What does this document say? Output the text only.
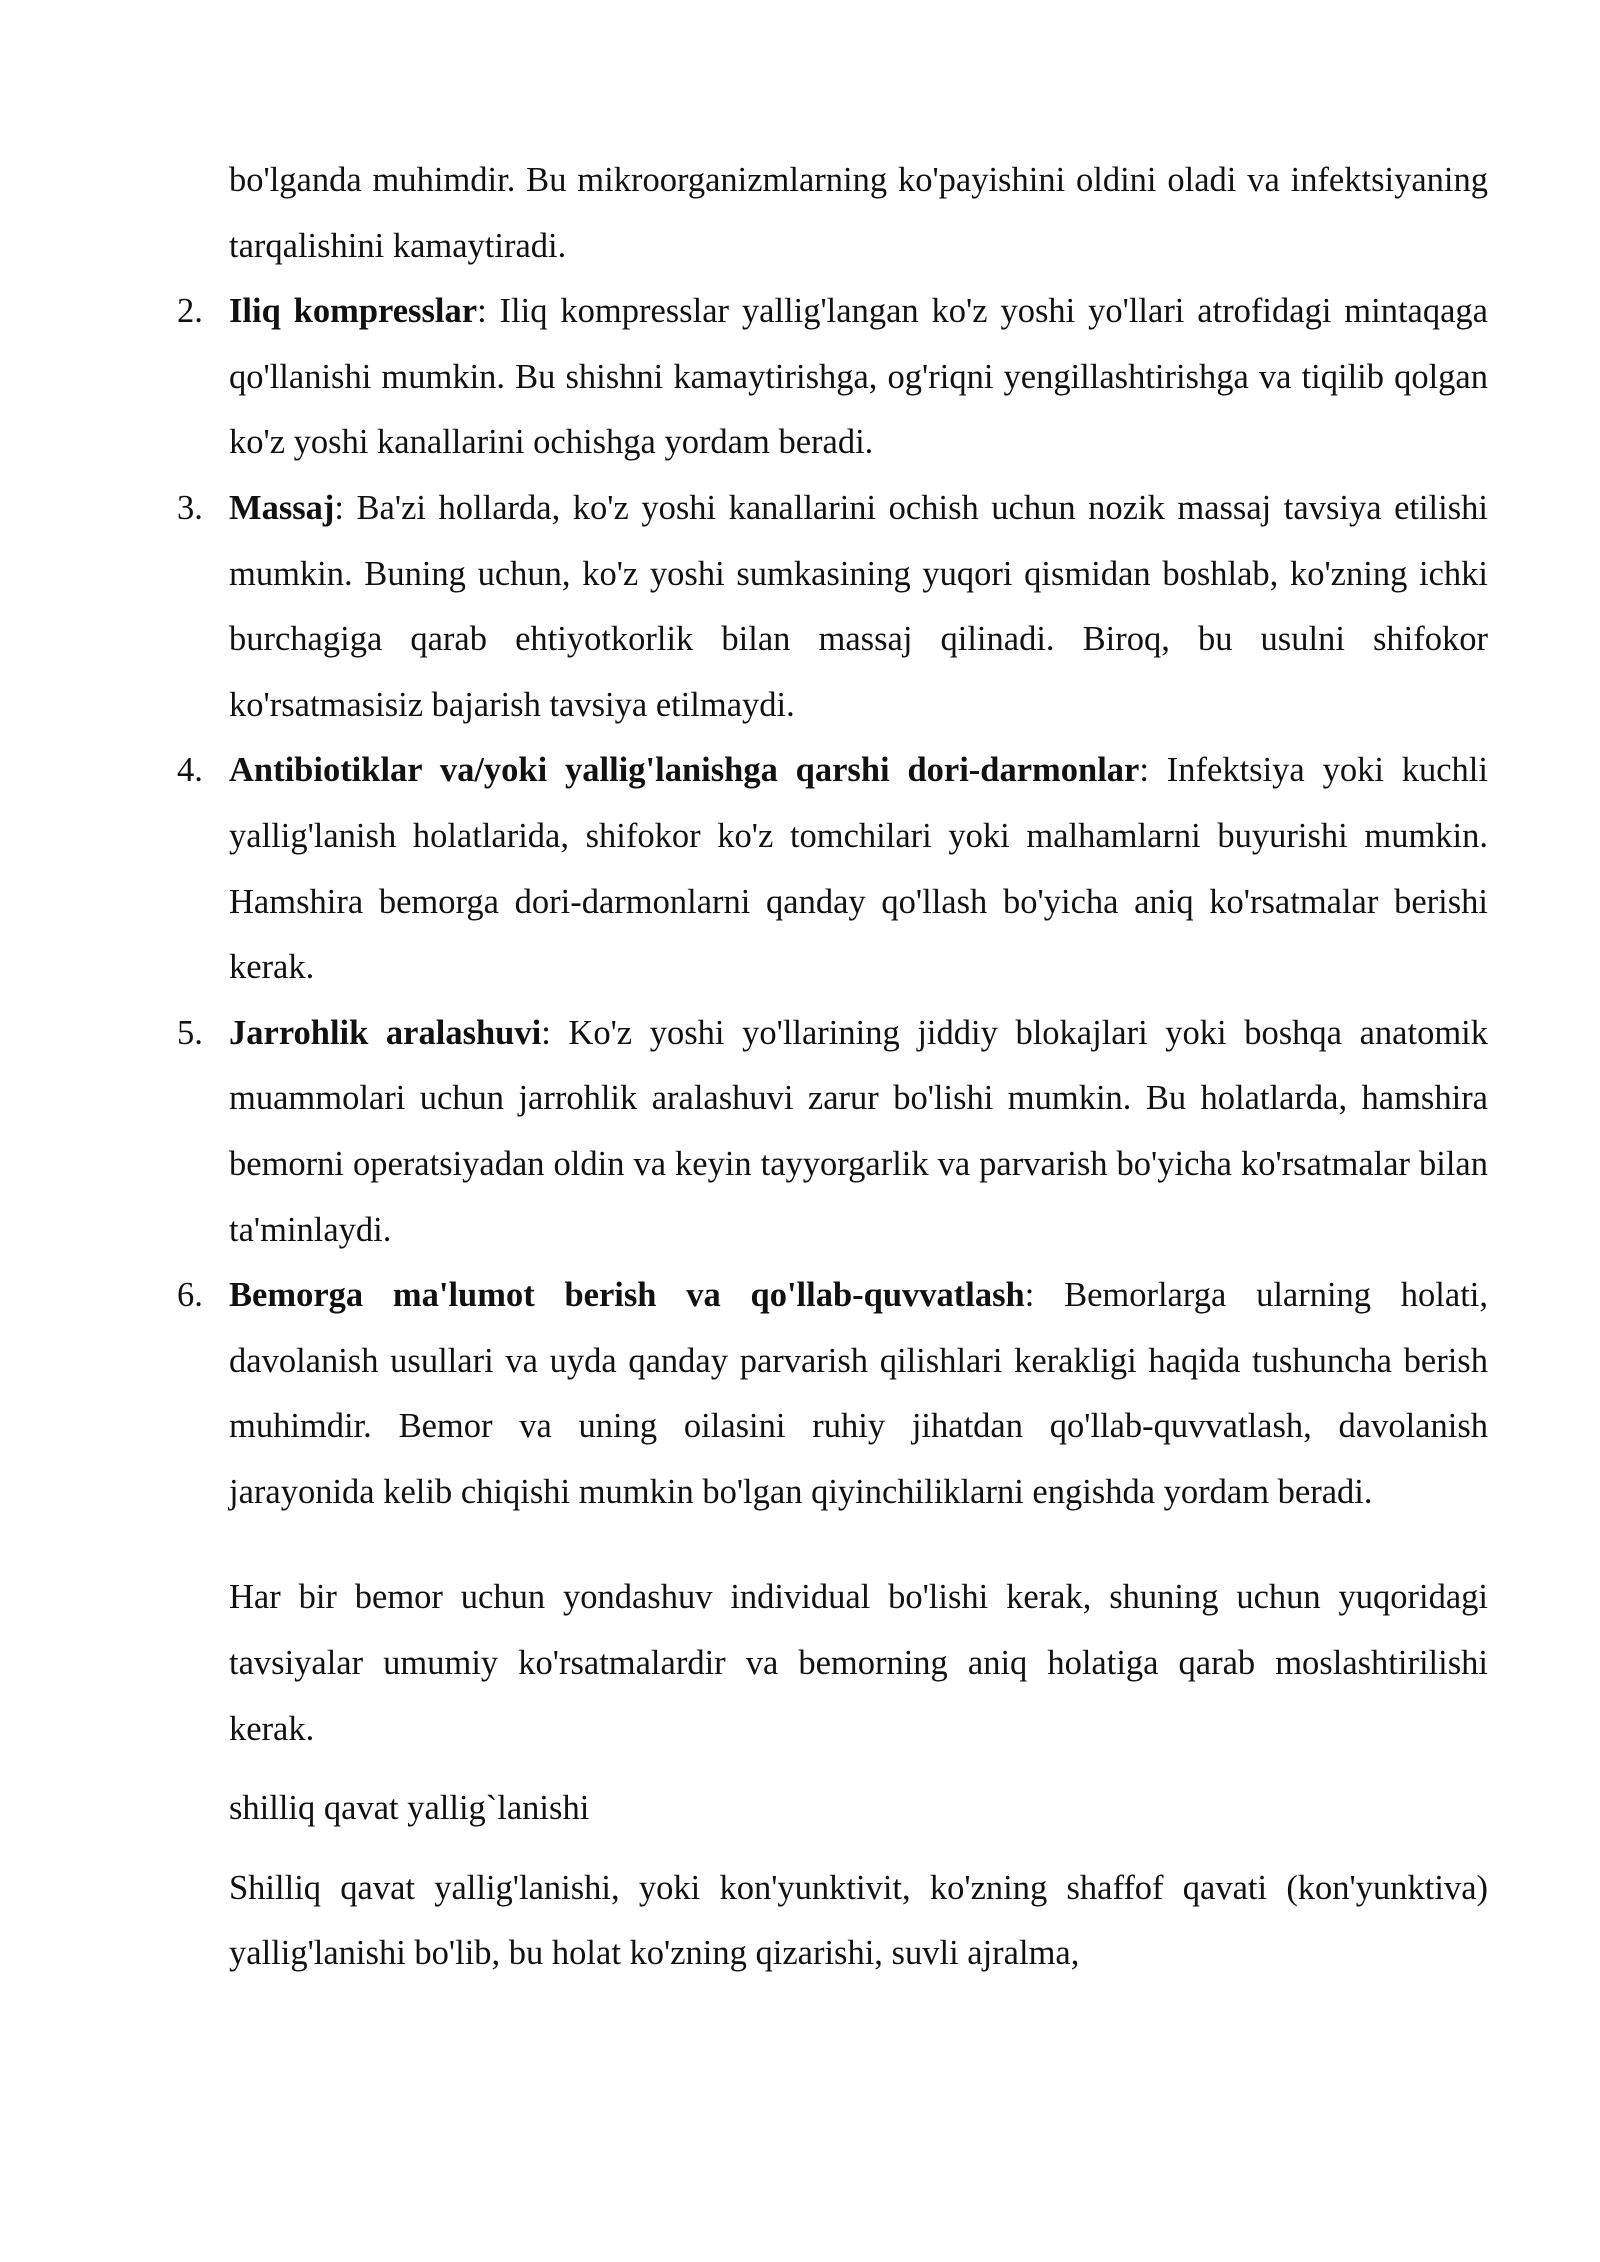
bo'lganda muhimdir. Bu mikroorganizmlarning ko'payishini oldini oladi va infektsiyaning tarqalishini kamaytiradi.

2. Iliq kompresslar: Iliq kompresslar yallig'langan ko'z yoshi yo'llari atrofidagi mintaqaga qo'llanishi mumkin. Bu shishni kamaytirishga, og'riqni yengillashtirishga va tiqilib qolgan ko'z yoshi kanallarini ochishga yordam beradi.
3. Massaj: Ba'zi hollarda, ko'z yoshi kanallarini ochish uchun nozik massaj tavsiya etilishi mumkin. Buning uchun, ko'z yoshi sumkasining yuqori qismidan boshlab, ko'zning ichki burchagiga qarab ehtiyotkorlik bilan massaj qilinadi. Biroq, bu usulni shifokor ko'rsatmasisiz bajarish tavsiya etilmaydi.
4. Antibiotiklar va/yoki yallig'lanishga qarshi dori-darmonlar: Infektsiya yoki kuchli yallig'lanish holatlarida, shifokor ko'z tomchilari yoki malhamlarni buyurishi mumkin. Hamshira bemorga dori-darmonlarni qanday qo'llash bo'yicha aniq ko'rsatmalar berishi kerak.
5. Jarrohlik aralashuvi: Ko'z yoshi yo'llarining jiddiy blokajlari yoki boshqa anatomik muammolari uchun jarrohlik aralashuvi zarur bo'lishi mumkin. Bu holatlarda, hamshira bemorni operatsiyadan oldin va keyin tayyorgarlik va parvarish bo'yicha ko'rsatmalar bilan ta'minlaydi.
6. Bemorga ma'lumot berish va qo'llab-quvvatlash: Bemorlarga ularning holati, davolanish usullari va uyda qanday parvarish qilishlari kerakligi haqida tushuncha berish muhimdir. Bemor va uning oilasini ruhiy jihatdan qo'llab-quvvatlash, davolanish jarayonida kelib chiqishi mumkin bo'lgan qiyinchiliklarni engishda yordam beradi.

Har bir bemor uchun yondashuv individual bo'lishi kerak, shuning uchun yuqoridagi tavsiyalar umumiy ko'rsatmalardir va bemorning aniq holatiga qarab moslashtirilishi kerak.

shilliq qavat yallig`lanishi

Shilliq qavat yallig'lanishi, yoki kon'yunktivit, ko'zning shaffof qavati (kon'yunktiva) yallig'lanishi bo'lib, bu holat ko'zning qizarishi, suvli ajralma,
